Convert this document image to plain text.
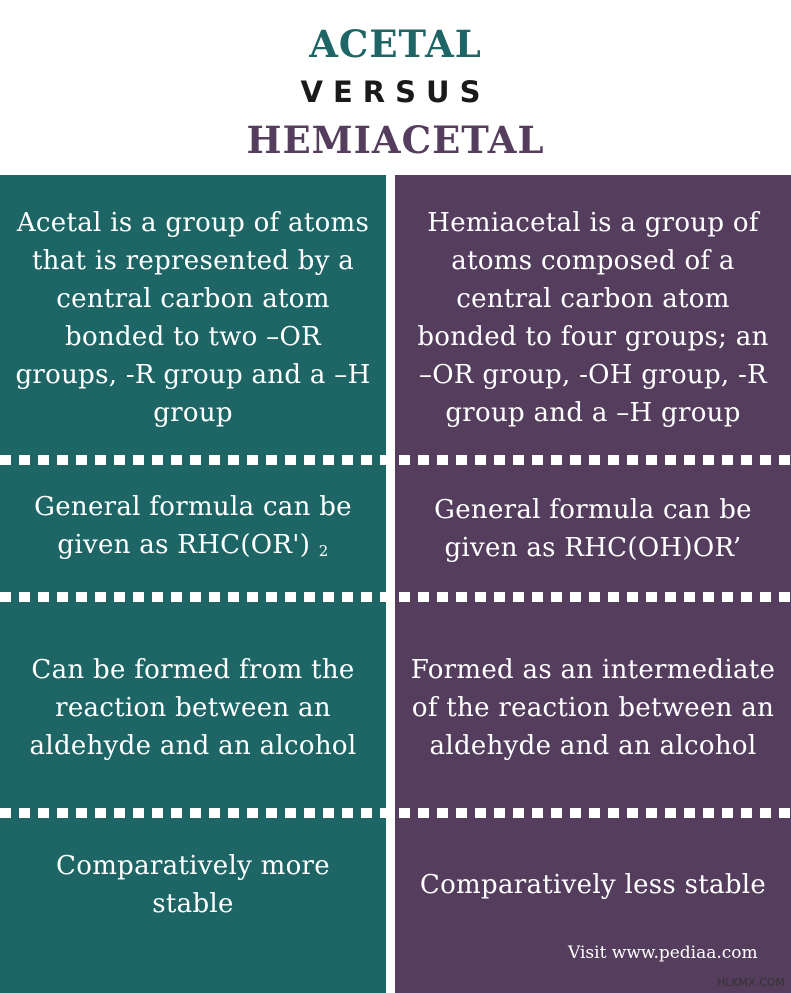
ACETAL
VERSUS
HEMIACETAL
Acetal is a group of atoms that is represented by a central carbon atom bonded to two –OR groups, -R group and a –H group
General formula can be given as RHC(OR') $_2$
Can be formed from the reaction between an aldehyde and an alcohol
Comparatively more stable
Hemiacetal is a group of atoms composed of a central carbon atom bonded to four groups; an –OR group, -OH group, -R group and a –H group
General formula can be given as RHC(OH)OR’
Formed as an intermediate of the reaction between an aldehyde and an alcohol
Comparatively less stable
Visit www.pediaa.com
HLKMX.COM
